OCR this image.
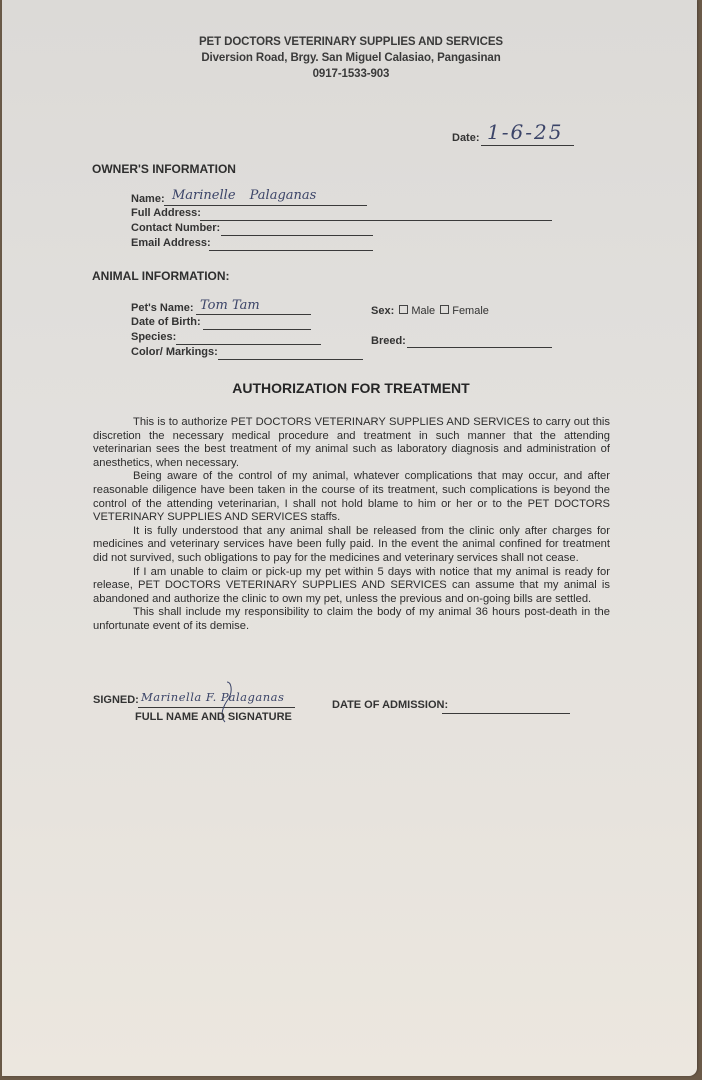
PET DOCTORS VETERINARY SUPPLIES AND SERVICES
Diversion Road, Brgy. San Miguel Calasiao, Pangasinan
0917-1533-903
Date: 1-6-25
OWNER'S INFORMATION
Name: Marinelle Palaganas
Full Address:
Contact Number:
Email Address:
ANIMAL INFORMATION:
Pet's Name: Tom Tam
Date of Birth:
Species:
Color/ Markings:
Sex: Male Female
Breed:
AUTHORIZATION FOR TREATMENT

This is to authorize PET DOCTORS VETERINARY SUPPLIES AND SERVICES to carry out this discretion the necessary medical procedure and treatment in such manner that the attending veterinarian sees the best treatment of my animal such as laboratory diagnosis and administration of anesthetics, when necessary.

Being aware of the control of my animal, whatever complications that may occur, and after reasonable diligence have been taken in the course of its treatment, such complications is beyond the control of the attending veterinarian, I shall not hold blame to him or her or to the PET DOCTORS VETERINARY SUPPLIES AND SERVICES staffs.

It is fully understood that any animal shall be released from the clinic only after charges for medicines and veterinary services have been fully paid. In the event the animal confined for treatment did not survived, such obligations to pay for the medicines and veterinary services shall not cease.

If I am unable to claim or pick-up my pet within 5 days with notice that my animal is ready for release, PET DOCTORS VETERINARY SUPPLIES AND SERVICES can assume that my animal is abandoned and authorize the clinic to own my pet, unless the previous and on-going bills are settled.

This shall include my responsibility to claim the body of my animal 36 hours post-death in the unfortunate event of its demise.

SIGNED: Marinella F. Palaganas
FULL NAME AND SIGNATURE
DATE OF ADMISSION:
